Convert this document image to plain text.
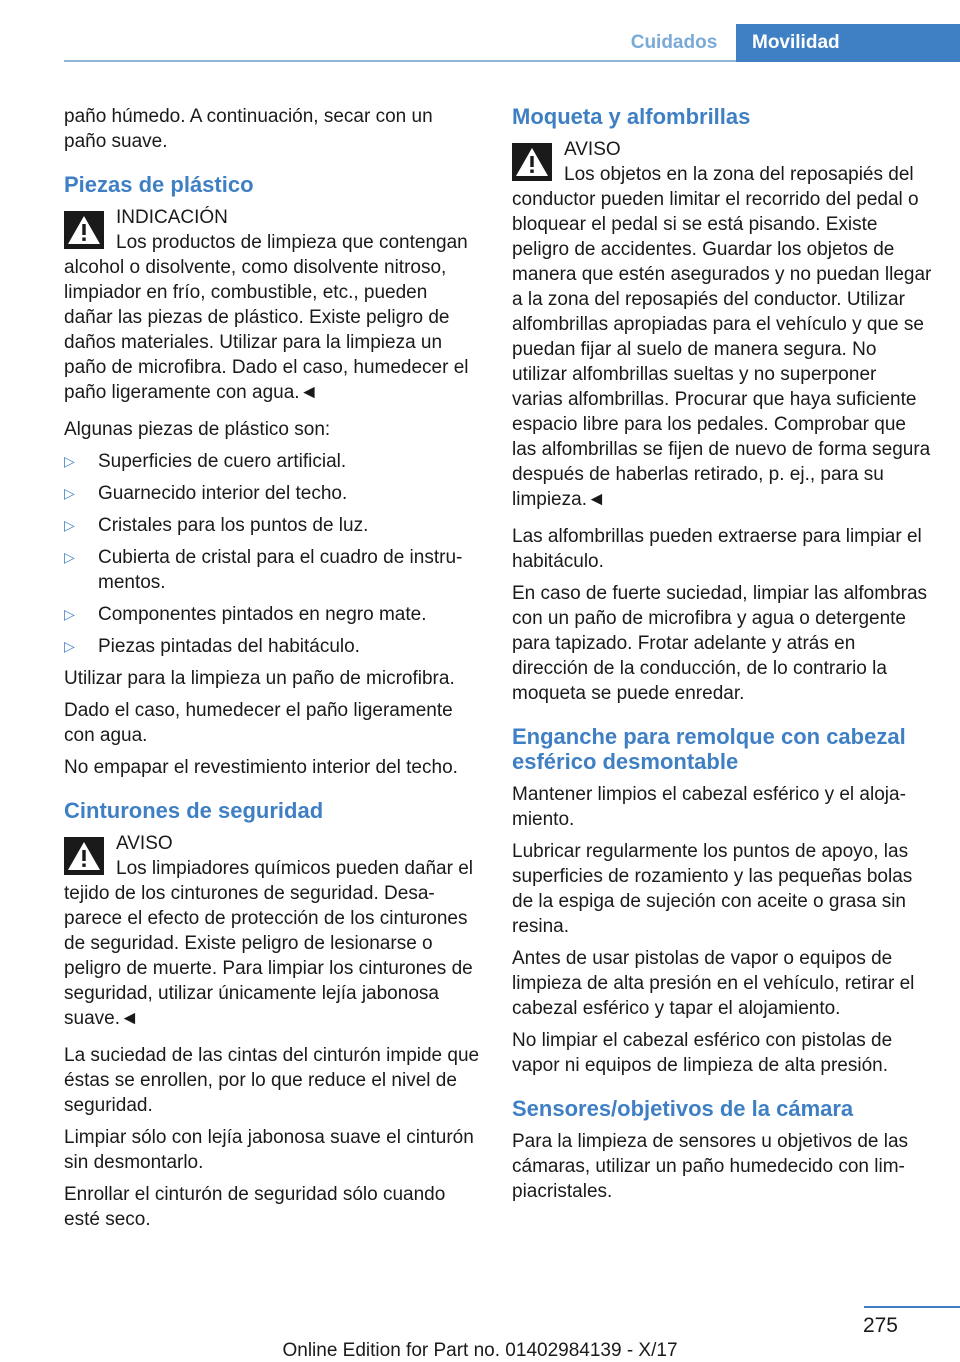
Cuidados	Movilidad

paño húmedo. A continuación, secar con un paño suave.

Piezas de plástico
INDICACIÓN
Los productos de limpieza que contengan alcohol o disolvente, como disolvente nitroso, limpiador en frío, combustible, etc., pueden dañar las piezas de plástico. Existe peligro de daños materiales. Utilizar para la limpieza un paño de microfibra. Dado el caso, humedecer el paño ligeramente con agua.◄

Algunas piezas de plástico son:

▷ Superficies de cuero artificial.
▷ Guarnecido interior del techo.
▷ Cristales para los puntos de luz.
▷ Cubierta de cristal para el cuadro de instrumentos.
▷ Componentes pintados en negro mate.
▷ Piezas pintadas del habitáculo.

Utilizar para la limpieza un paño de microfibra.

Dado el caso, humedecer el paño ligeramente con agua.

No empapar el revestimiento interior del techo.

Cinturones de seguridad
AVISO
Los limpiadores químicos pueden dañar el tejido de los cinturones de seguridad. Desaparece el efecto de protección de los cinturones de seguridad. Existe peligro de lesionarse o peligro de muerte. Para limpiar los cinturones de seguridad, utilizar únicamente lejía jabonosa suave.◄

La suciedad de las cintas del cinturón impide que éstas se enrollen, por lo que reduce el nivel de seguridad.

Limpiar sólo con lejía jabonosa suave el cinturón sin desmontarlo.

Enrollar el cinturón de seguridad sólo cuando esté seco.

Moqueta y alfombrillas
AVISO
Los objetos en la zona del reposapiés del conductor pueden limitar el recorrido del pedal o bloquear el pedal si se está pisando. Existe peligro de accidentes. Guardar los objetos de manera que estén asegurados y no puedan llegar a la zona del reposapiés del conductor. Utilizar alfombrillas apropiadas para el vehículo y que se puedan fijar al suelo de manera segura. No utilizar alfombrillas sueltas y no superponer varias alfombrillas. Procurar que haya suficiente espacio libre para los pedales. Comprobar que las alfombrillas se fijen de nuevo de forma segura después de haberlas retirado, p. ej., para su limpieza.◄

Las alfombrillas pueden extraerse para limpiar el habitáculo.

En caso de fuerte suciedad, limpiar las alfombras con un paño de microfibra y agua o detergente para tapizado. Frotar adelante y atrás en dirección de la conducción, de lo contrario la moqueta se puede enredar.

Enganche para remolque con cabezal esférico desmontable

Mantener limpios el cabezal esférico y el alojamiento.

Lubricar regularmente los puntos de apoyo, las superficies de rozamiento y las pequeñas bolas de la espiga de sujeción con aceite o grasa sin resina.

Antes de usar pistolas de vapor o equipos de limpieza de alta presión en el vehículo, retirar el cabezal esférico y tapar el alojamiento.

No limpiar el cabezal esférico con pistolas de vapor ni equipos de limpieza de alta presión.

Sensores/objetivos de la cámara

Para la limpieza de sensores u objetivos de las cámaras, utilizar un paño humedecido con limpiacristales.

275
Online Edition for Part no. 01402984139 - X/17
